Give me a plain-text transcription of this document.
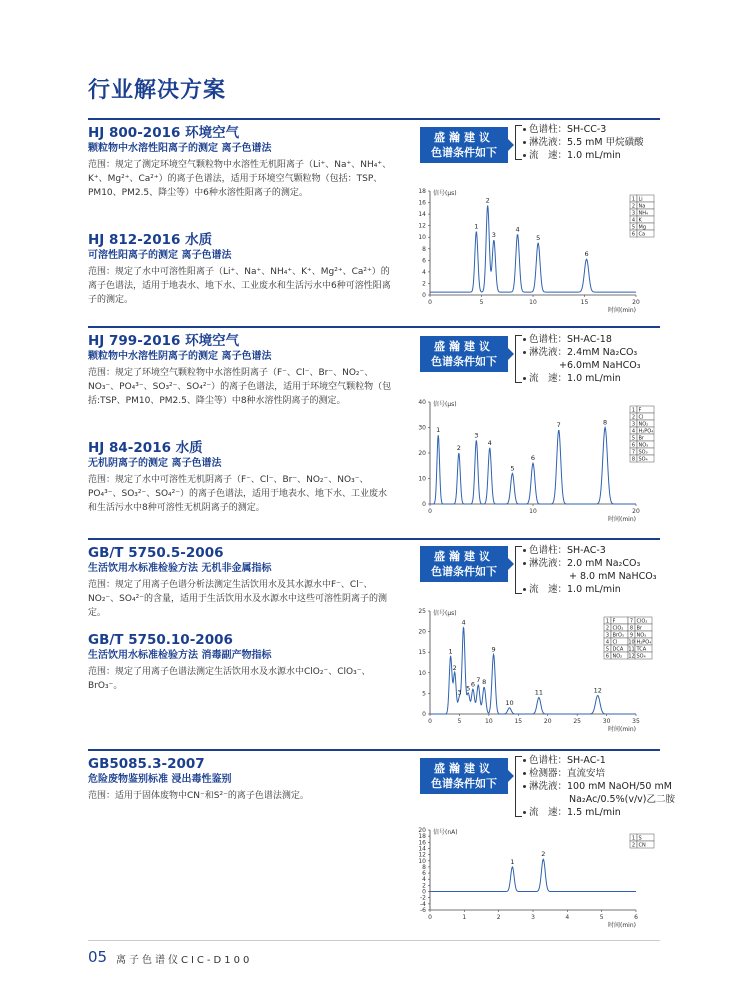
行业解决方案
HJ 800-2016 环境空气
颗粒物中水溶性阳离子的测定 离子色谱法
范围：规定了测定环境空气颗粒物中水溶性无机阳离子（Li⁺、Na⁺、NH₄⁺、K⁺、Mg²⁺、Ca²⁺）的离子色谱法，适用于环境空气颗粒物（包括：TSP、PM10、PM2.5、降尘等）中6种水溶性阳离子的测定。
HJ 812-2016 水质
可溶性阳离子的测定 离子色谱法
范围：规定了水中可溶性阳离子（Li⁺、Na⁺、NH₄⁺、K⁺、Mg²⁺、Ca²⁺）的离子色谱法，适用于地表水、地下水、工业废水和生活污水中6种可溶性阳离子的测定。
盛瀚建议
色谱条件如下
色谱柱：SH-CC-3
淋洗液：5.5 mM 甲烷磺酸
流　速：1.0 mL/min
0
2
4
6
8
10
12
14
16
18
0	5	10	15	20
信号(μs)
时间(min)
1
2
3
4
5
6
1 Li
2 Na
3 NH₄
4 K
5 Mg
6 Ca
HJ 799-2016 环境空气
颗粒物中水溶性阴离子的测定 离子色谱法
范围：规定了环境空气颗粒物中水溶性阴离子（F⁻、Cl⁻、Br⁻、NO₂⁻、NO₃⁻、PO₄³⁻、SO₃²⁻、SO₄²⁻）的离子色谱法，适用于环境空气颗粒物（包括:TSP、PM10、PM2.5、降尘等）中8种水溶性阴离子的测定。
HJ 84-2016 水质
无机阴离子的测定 离子色谱法
范围：规定了水中可溶性无机阴离子（F⁻、Cl⁻、Br⁻、NO₂⁻、NO₃⁻、PO₄³⁻、SO₃²⁻、SO₄²⁻）的离子色谱法，适用于地表水、地下水、工业废水和生活污水中8种可溶性无机阴离子的测定。
盛瀚建议
色谱条件如下
色谱柱：SH-AC-18
淋洗液：2.4mM Na₂CO₃
+6.0mM NaHCO₃
流　速：1.0 mL/min
0
10
20
30
40
0	10	20
信号(μs)
时间(min)
1
2
3
4
5
6
7	8
1 F
2 Cl
3 NO₂
4 H₂PO₄
5 Br
6 NO₃
7 SO₃
8 SO₄
GB/T 5750.5-2006
生活饮用水标准检验方法 无机非金属指标
范围：规定了用离子色谱分析法测定生活饮用水及其水源水中F⁻、Cl⁻、NO₂⁻、SO₄²⁻的含量，适用于生活饮用水及水源水中这些可溶性阴离子的测定。
GB/T 5750.10-2006
生活饮用水标准检验方法 消毒副产物指标
范围：规定了用离子色谱法测定生活饮用水及水源水中ClO₂⁻、ClO₃⁻、BrO₃⁻。
盛瀚建议
色谱条件如下
色谱柱：SH-AC-3
淋洗液：2.0 mM Na₂CO₃
+ 8.0 mM NaHCO₃
流　速：1.0 mL/min
0
5
10
15
20
25
0	5	10	15	20	25	30	35
信号(μs)
时间(min)
1
2
3
4
5
6
7 8
9
10
11	12
1 F	7 ClO₂
2 ClO₂ 8 Br
3 BrO₃ 9 NO₃
4 Cl 10 H₂PO₄
5 DCA 11 TCA
6 NO₂ 12 SO₄
GB5085.3-2007
危险废物鉴别标准 浸出毒性鉴别
范围：适用于固体废物中CN⁻和S²⁻的离子色谱法测定。
盛瀚建议
色谱条件如下
色谱柱：SH-AC-1
检测器：直流安培
淋洗液：100 mM NaOH/50 mM
Na₂Ac/0.5%(v/v)乙二胺
流　速：1.5 mL/min
-6
-4
-2
0
2
4
6
8
10
12
14
16
18
20
0	1	2	3	4	5	6
信号(nA)
时间(min)
1
2
1 S
2 CN
05 离子色谱仪CIC-D100
